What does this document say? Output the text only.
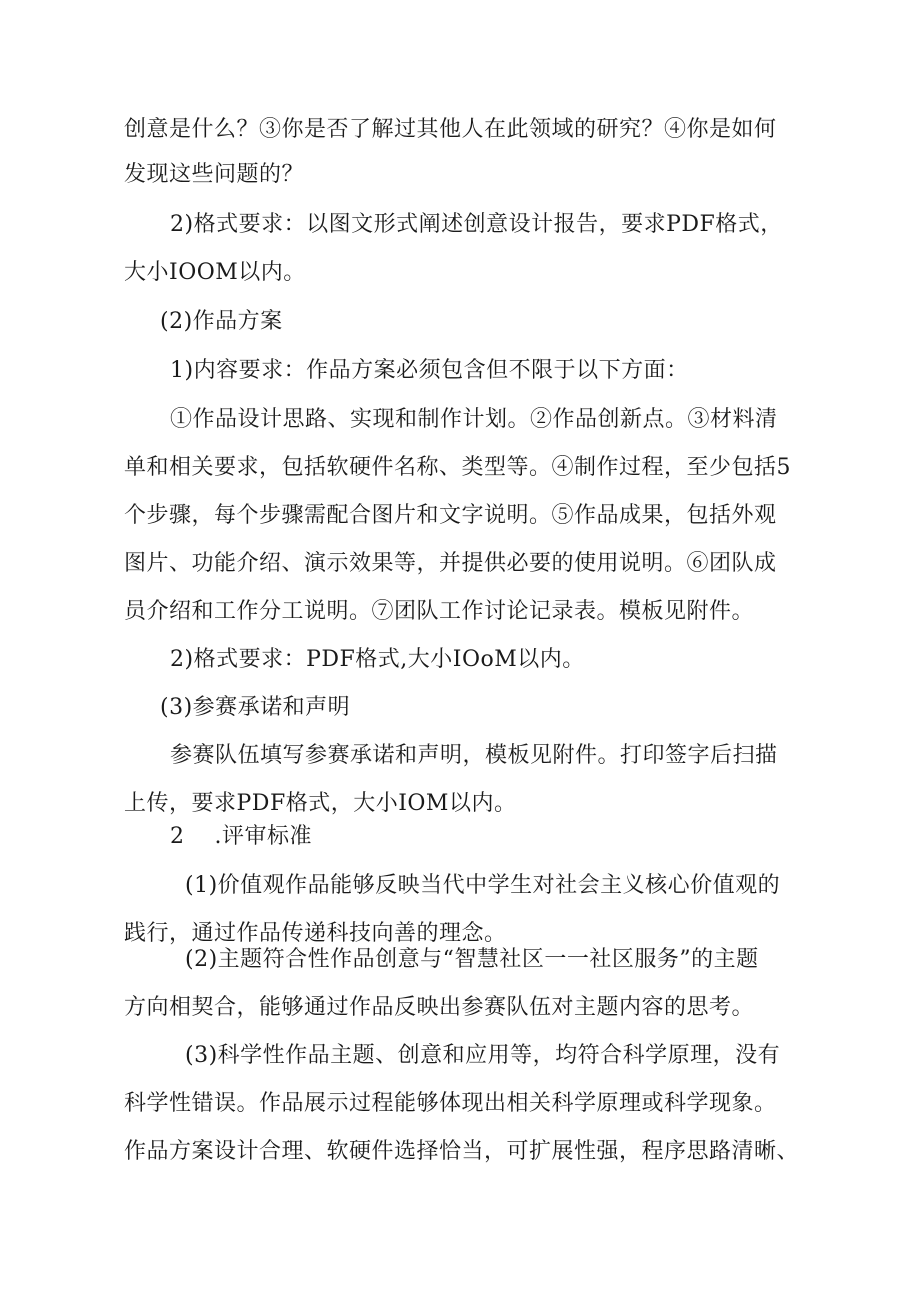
创意是什么？③你是否了解过其他人在此领域的研究？④你是如何
发现这些问题的？
2)格式要求：以图文形式阐述创意设计报告，要求PDF格式，
大小IOOM以内。
(2)作品方案
1)内容要求：作品方案必须包含但不限于以下方面：
①作品设计思路、实现和制作计划。②作品创新点。③材料清
单和相关要求，包括软硬件名称、类型等。④制作过程，至少包括5
个步骤，每个步骤需配合图片和文字说明。⑤作品成果，包括外观
图片、功能介绍、演示效果等，并提供必要的使用说明。⑥团队成
员介绍和工作分工说明。⑦团队工作讨论记录表。模板见附件。
2)格式要求：PDF格式,大小IOoM以内。
(3)参赛承诺和声明
参赛队伍填写参赛承诺和声明，模板见附件。打印签字后扫描
上传，要求PDF格式，大小IOM以内。
2    .评审标准
(1)价值观作品能够反映当代中学生对社会主义核心价值观的
践行，通过作品传递科技向善的理念。
(2)主题符合性作品创意与“智慧社区一一社区服务”的主题
方向相契合，能够通过作品反映出参赛队伍对主题内容的思考。
(3)科学性作品主题、创意和应用等，均符合科学原理，没有
科学性错误。作品展示过程能够体现出相关科学原理或科学现象。
作品方案设计合理、软硬件选择恰当，可扩展性强，程序思路清晰、
